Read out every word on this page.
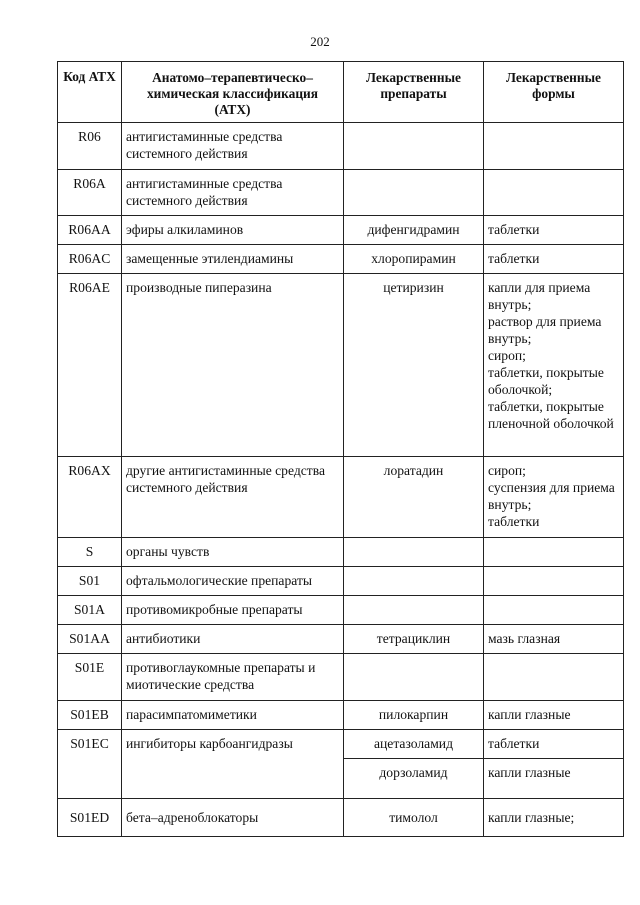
202
Код АТХ	Анатомо–терапевтическо–химическая классификация (АТХ)	Лекарственные препараты	Лекарственные формы
R06	антигистаминные средства системного действия		
R06A	антигистаминные средства системного действия		
R06AA	эфиры алкиламинов	дифенгидрамин	таблетки

R06AC	замещенные этилендиамины	хлоропирамин	таблетки

R06AE	производные пиперазина	цетиризин	капли для приема внутрь;
раствор для приема внутрь;
сироп;
таблетки, покрытые оболочкой;
таблетки, покрытые пленочной оболочкой

R06AX	другие антигистаминные средства системного действия	лоратадин	сироп;
суспензия для приема внутрь;
таблетки

S	органы чувств		
S01	офтальмологические препараты		
S01A	противомикробные препараты		
S01AA	антибиотики	тетрациклин	мазь глазная

S01E	противоглаукомные препараты и миотические средства		
S01EB	парасимпатомиметики	пилокарпин	капли глазные

S01EC	ингибиторы карбоангидразы	ацетазоламид	таблетки

		дорзоламид	капли глазные

S01ED	бета–адреноблокаторы	тимолол	капли глазные;
